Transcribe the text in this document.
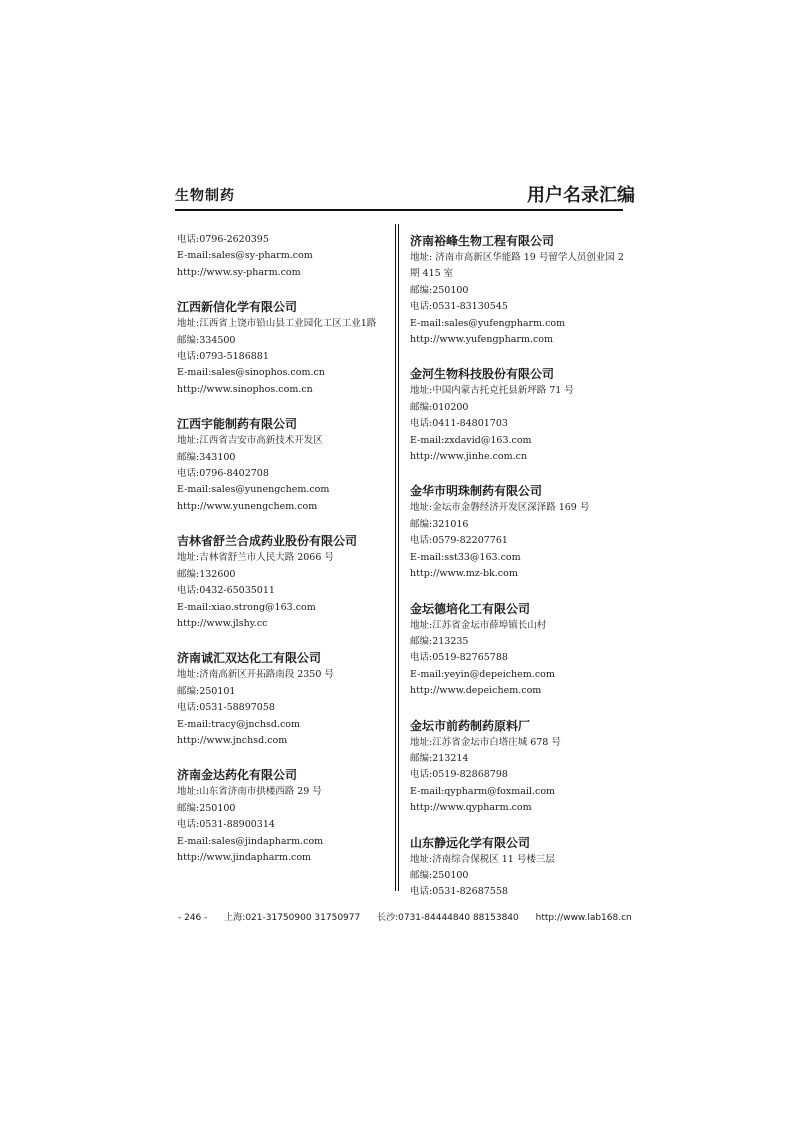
生物制药	用户名录汇编
电话:0796-2620395
E-mail:sales@sy-pharm.com
http://www.sy-pharm.com
江西新信化学有限公司
地址:江西省上饶市铅山县工业园化工区工业1路
邮编:334500
电话:0793-5186881
E-mail:sales@sinophos.com.cn
http://www.sinophos.com.cn
江西宇能制药有限公司
地址:江西省吉安市高新技术开发区
邮编:343100
电话:0796-8402708
E-mail:sales@yunengchem.com
http://www.yunengchem.com
吉林省舒兰合成药业股份有限公司
地址:吉林省舒兰市人民大路 2066 号
邮编:132600
电话:0432-65035011
E-mail:xiao.strong@163.com
http://www.jlshy.cc
济南诚汇双达化工有限公司
地址:济南高新区开拓路南段 2350 号
邮编:250101
电话:0531-58897058
E-mail:tracy@jnchsd.com
http://www.jnchsd.com
济南金达药化有限公司
地址:山东省济南市拱楼西路 29 号
邮编:250100
电话:0531-88900314
E-mail:sales@jindapharm.com
http://www.jindapharm.com
济南裕峰生物工程有限公司
地址: 济南市高新区华能路 19 号留学人员创业园 2 期 415 室
邮编:250100
电话:0531-83130545
E-mail:sales@yufengpharm.com
http://www.yufengpharm.com
金河生物科技股份有限公司
地址:中国内蒙古托克托县新坪路 71 号
邮编:010200
电话:0411-84801703
E-mail:zxdavid@163.com
http://www.jinhe.com.cn
金华市明珠制药有限公司
地址:金坛市金磐经济开发区深泽路 169 号
邮编:321016
电话:0579-82207761
E-mail:sst33@163.com
http://www.mz-bk.com
金坛德培化工有限公司
地址:江苏省金坛市薛埠镇长山村
邮编:213235
电话:0519-82765788
E-mail:yeyin@depeichem.com
http://www.depeichem.com
金坛市前药制药原料厂
地址:江苏省金坛市白塔庄城 678 号
邮编:213214
电话:0519-82868798
E-mail:qypharm@foxmail.com
http://www.qypharm.com
山东静远化学有限公司
地址:济南综合保税区 11 号楼三层
邮编:250100
电话:0531-82687558
- 246 - 上海:021-31750900 31750977 长沙:0731-84444840 88153840 http://www.lab168.cn
